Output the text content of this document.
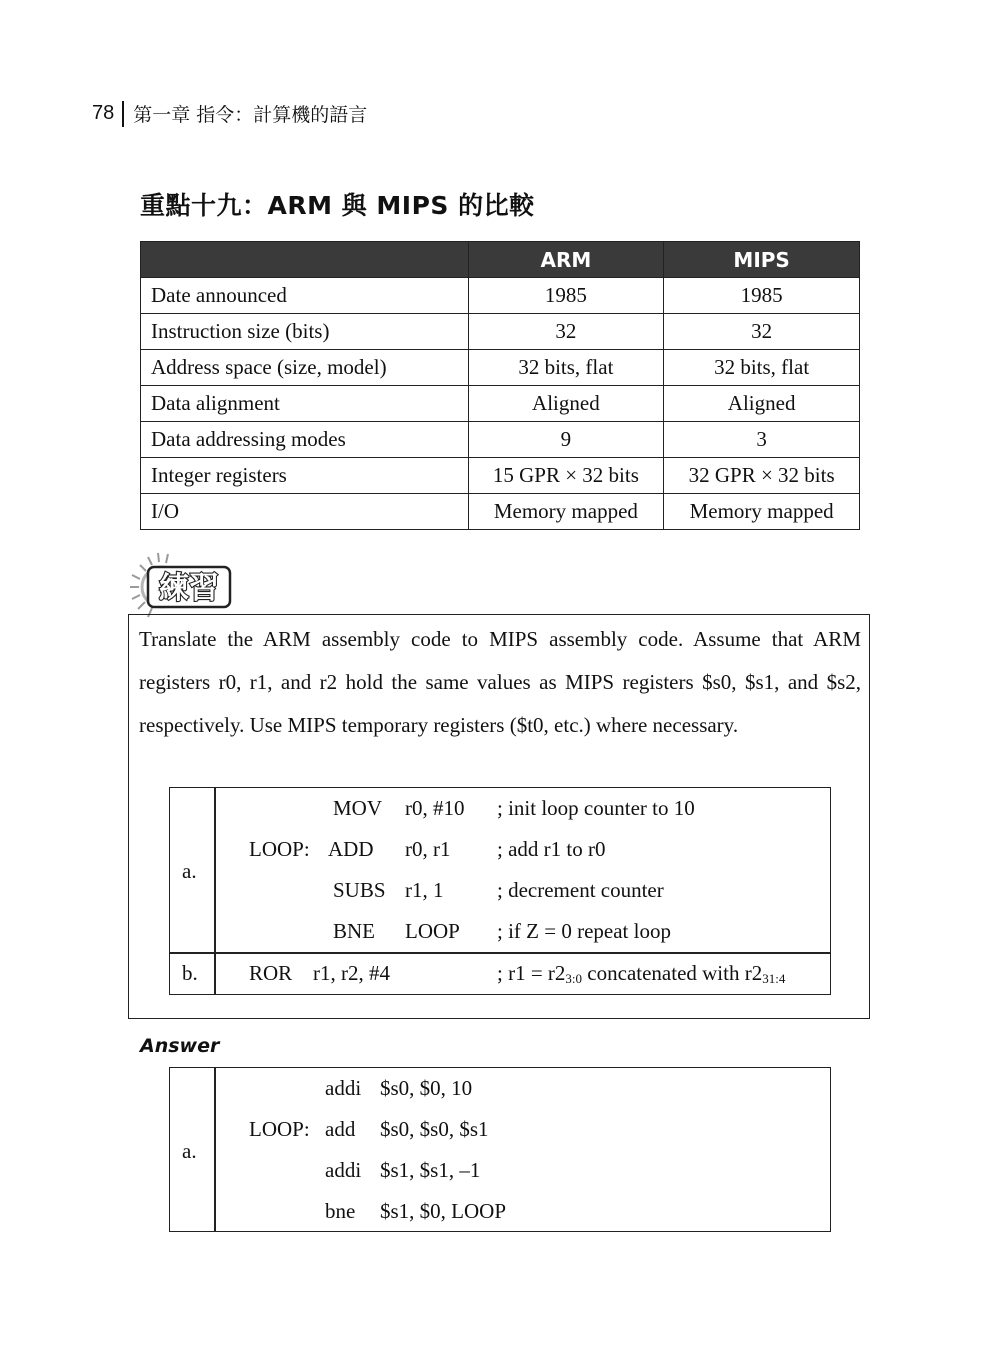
78 第一章 指令：計算機的語言
重點十九：ARM 與 MIPS 的比較
	ARM	MIPS
Date announced	1985	1985
Instruction size (bits)	32	32
Address space (size, model)	32 bits, flat	32 bits, flat
Data alignment	Aligned	Aligned
Data addressing modes	9	3
Integer registers	15 GPR × 32 bits	32 GPR × 32 bits
I/O	Memory mapped	Memory mapped
練習
Translate the ARM assembly code to MIPS assembly code. Assume that ARM registers r0, r1, and r2 hold the same values as MIPS registers $s0, $s1, and $s2, respectively. Use MIPS temporary registers ($t0, etc.) where necessary.
a.
MOV r0, #10 ; init loop counter to 10
LOOP: ADD r0, r1 ; add r1 to r0
SUBS r1, 1	; decrement counter
BNE LOOP ; if Z = 0 repeat loop
b. ROR r1, r2, #4	; $r1 = r2_{3:0}$ concatenated with $r2_{31:4}$
Answer
a.
addi $s0, $0, 10
LOOP: add $s0, $s0, $s1
addi $s1, $s1, –1
bne $s1, $0, LOOP
